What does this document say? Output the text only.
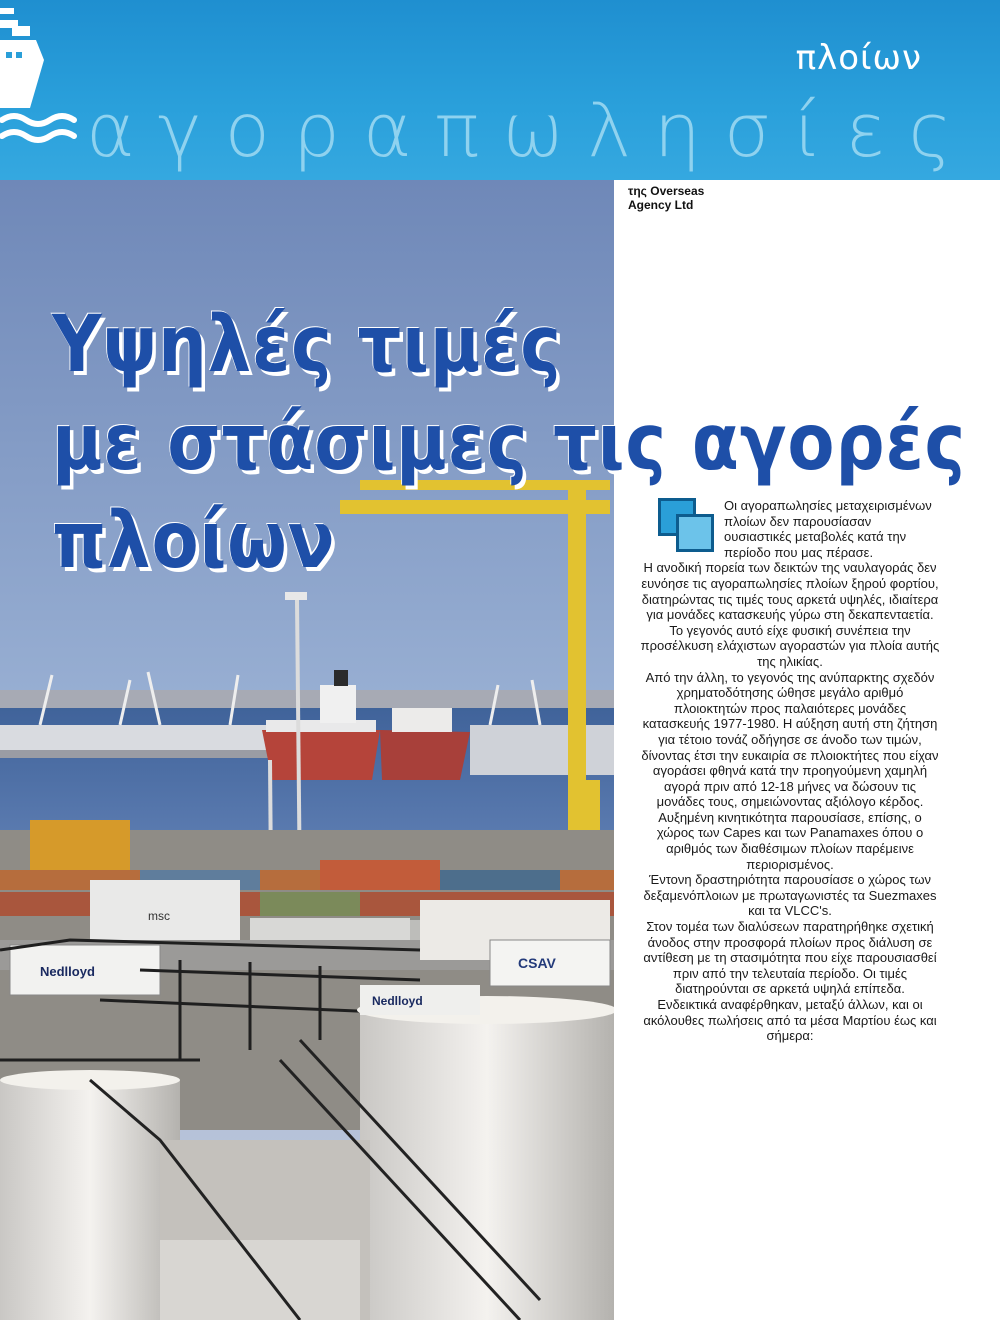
πλοίων
αγοραπωλησίες
Nedlloyd
CSAV
msc
Nedlloyd
της Overseas
Agency Ltd
Υψηλές τιμές
με στάσιμες τις αγορές
πλοίων	Οι αγοραπωλησίες μεταχειρισμένων πλοίων δεν παρουσίασαν ουσιαστικές μεταβολές κατά την περίοδο που μας πέρασε.

Η ανοδική πορεία των δεικτών της ναυλαγοράς δεν ευνόησε τις αγοραπωλησίες πλοίων ξηρού φορτίου, διατηρώντας τις τιμές τους αρκετά υψηλές, ιδιαίτερα για μονάδες κατασκευής γύρω στη δεκαπενταετία. Το γεγονός αυτό είχε φυσική συνέπεια την προσέλκυση ελάχιστων αγοραστών για πλοία αυτής της ηλικίας.

Από την άλλη, το γεγονός της ανύπαρκτης σχεδόν χρηματοδότησης ώθησε μεγάλο αριθμό πλοιοκτητών προς παλαιότερες μονάδες κατασκευής 1977-1980. Η αύξηση αυτή στη ζήτηση για τέτοιο τονάζ οδήγησε σε άνοδο των τιμών, δίνοντας έτσι την ευκαιρία σε πλοιοκτήτες που είχαν αγοράσει φθηνά κατά την προηγούμενη χαμηλή αγορά πριν από 12-18 μήνες να δώσουν τις μονάδες τους, σημειώνοντας αξιόλογο κέρδος.

Αυξημένη κινητικότητα παρουσίασε, επίσης, ο χώρος των Capes και των Panamaxes όπου ο αριθμός των διαθέσιμων πλοίων παρέμεινε περιορισμένος.

Έντονη δραστηριότητα παρουσίασε ο χώρος των δεξαμενόπλοιων με πρωταγωνιστές τα Suezmaxes και τα VLCC's.

Στον τομέα των διαλύσεων παρατηρήθηκε σχετική άνοδος στην προσφορά πλοίων προς διάλυση σε αντίθεση με τη στασιμότητα που είχε παρουσιασθεί πριν από την τελευταία περίοδο. Οι τιμές διατηρούνται σε αρκετά υψηλά επίπεδα.

Ενδεικτικά αναφέρθηκαν, μεταξύ άλλων, και οι ακόλουθες πωλήσεις από τα μέσα Μαρτίου έως και σήμερα:
